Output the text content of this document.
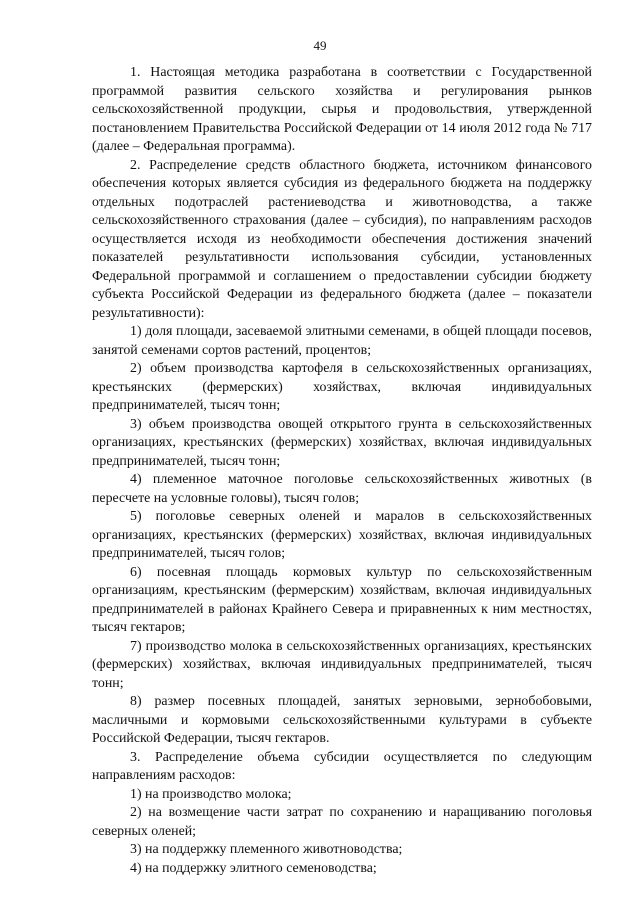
49

1. Настоящая методика разработана в соответствии с Государственной программой развития сельского хозяйства и регулирования рынков сельскохозяйственной продукции, сырья и продовольствия, утвержденной постановлением Правительства Российской Федерации от 14 июля 2012 года № 717 (далее – Федеральная программа).

2. Распределение средств областного бюджета, источником финансового обеспечения которых является субсидия из федерального бюджета на поддержку отдельных подотраслей растениеводства и животноводства, а также сельскохозяйственного страхования (далее – субсидия), по направлениям расходов осуществляется исходя из необходимости обеспечения достижения значений показателей результативности использования субсидии, установленных Федеральной программой и соглашением о предоставлении субсидии бюджету субъекта Российской Федерации из федерального бюджета (далее – показатели результативности):

1) доля площади, засеваемой элитными семенами, в общей площади посевов, занятой семенами сортов растений, процентов;

2) объем производства картофеля в сельскохозяйственных организациях, крестьянских (фермерских) хозяйствах, включая индивидуальных предпринимателей, тысяч тонн;

3) объем производства овощей открытого грунта в сельскохозяйственных организациях, крестьянских (фермерских) хозяйствах, включая индивидуальных предпринимателей, тысяч тонн;

4) племенное маточное поголовье сельскохозяйственных животных (в пересчете на условные головы), тысяч голов;

5) поголовье северных оленей и маралов в сельскохозяйственных организациях, крестьянских (фермерских) хозяйствах, включая индивидуальных предпринимателей, тысяч голов;

6) посевная площадь кормовых культур по сельскохозяйственным организациям, крестьянским (фермерским) хозяйствам, включая индивидуальных предпринимателей в районах Крайнего Севера и приравненных к ним местностях, тысяч гектаров;

7) производство молока в сельскохозяйственных организациях, крестьянских (фермерских) хозяйствах, включая индивидуальных предпринимателей, тысяч тонн;

8) размер посевных площадей, занятых зерновыми, зернобобовыми, масличными и кормовыми сельскохозяйственными культурами в субъекте Российской Федерации, тысяч гектаров.

3. Распределение объема субсидии осуществляется по следующим направлениям расходов:

1) на производство молока;

2) на возмещение части затрат по сохранению и наращиванию поголовья северных оленей;

3) на поддержку племенного животноводства;

4) на поддержку элитного семеноводства;
